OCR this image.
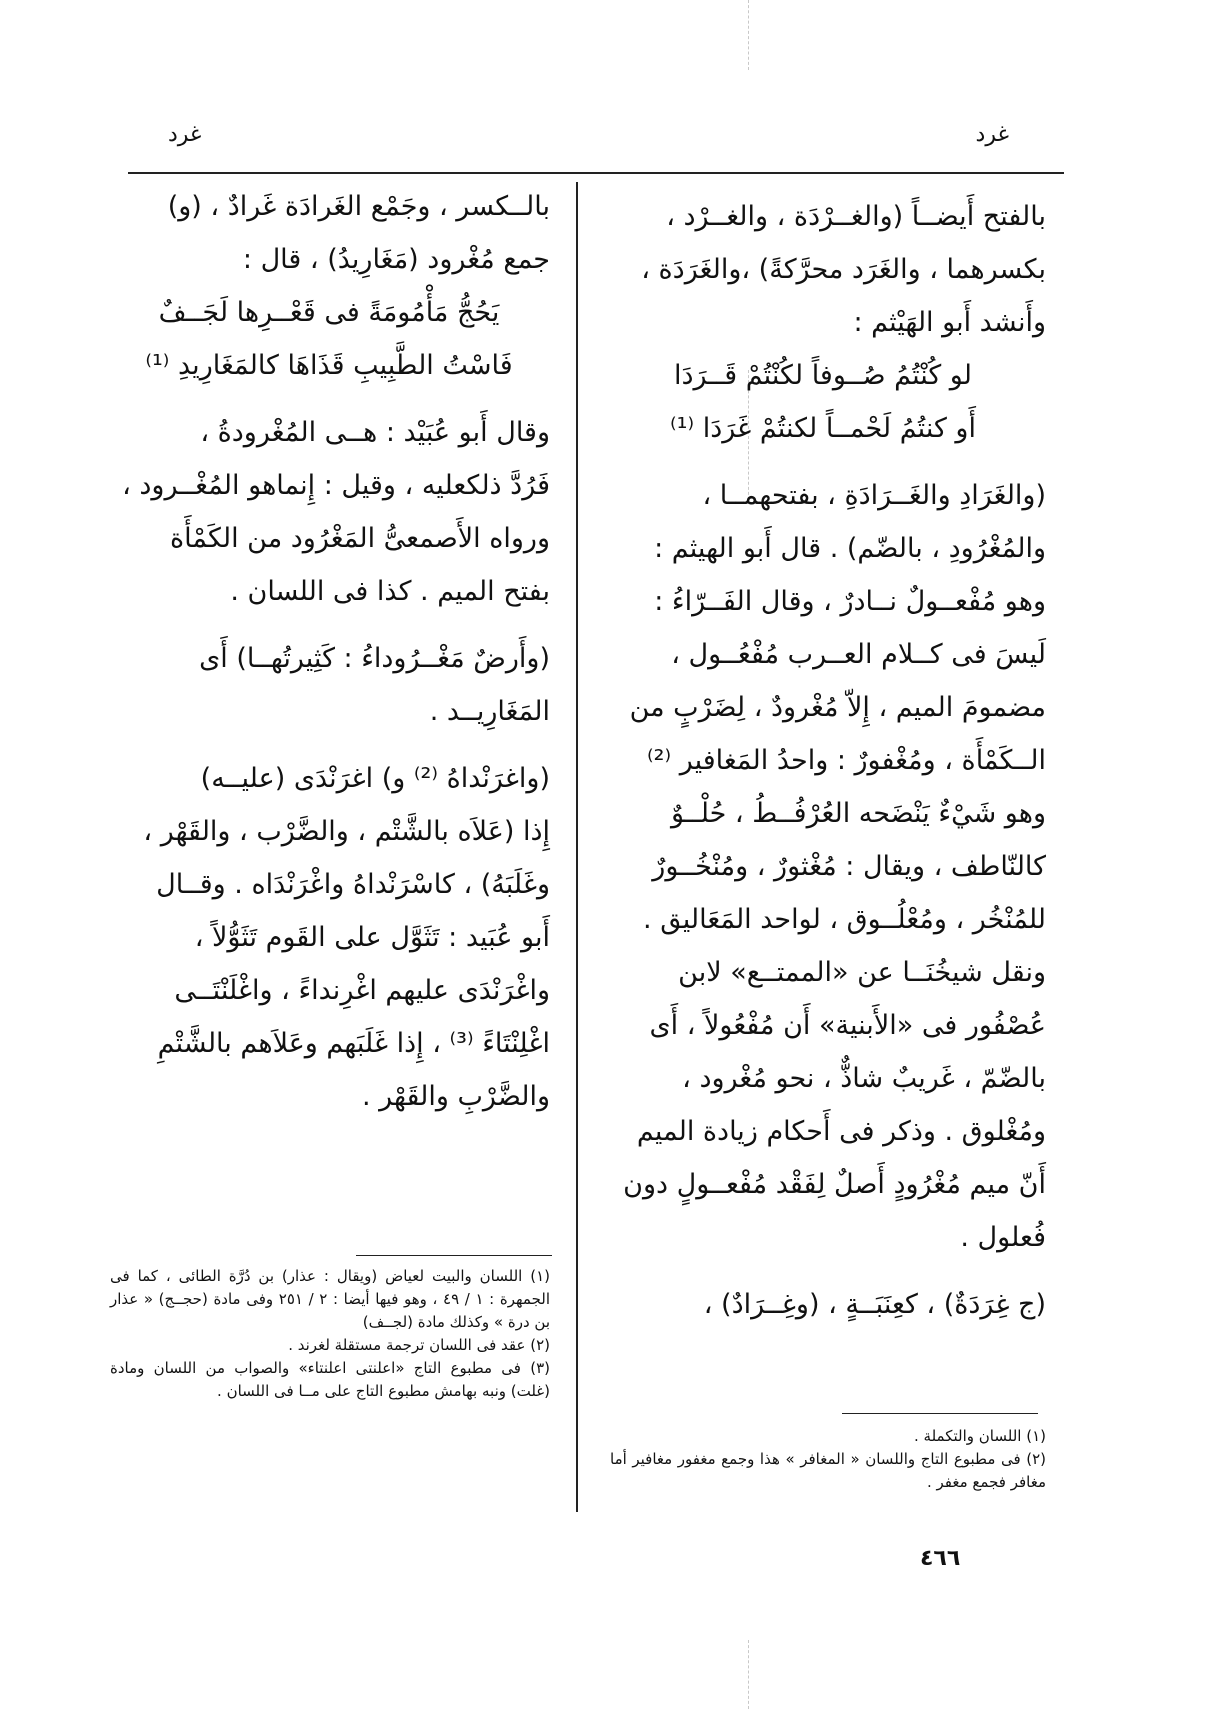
غرد
غرد

بالفتح أَيضــاً (والغــرْدَة ، والغــرْد ،

بكسرهما ، والغَرَد محرَّكةً) ،والغَرَدَة ،

وأَنشد أَبو الهَيْثم :

لو كُنْتُمُ صُــوفاً لكُنْتُمْ قَــرَدَا

أَو كنتُمُ لَحْمــاً لكنتُمْ غَرَدَا ⁽¹⁾

(والغَرَادِ والغَــرَادَةِ ، بفتحهمــا ،

والمُغْرُودِ ، بالضّم) . قال أَبو الهيثم :

وهو مُفْعــولٌ نــادرٌ ، وقال الفَــرّاءُ :

لَيسَ فى كــلام العــرب مُفْعُــول ،

مضمومَ الميم ، إِلاّ مُغْرودٌ ، لِضَرْبٍ من

الــكَمْأَة ، ومُغْفورٌ : واحدُ المَغافير ⁽²⁾

وهو شَيْءٌ يَنْضَحه العُرْفُــطُ ، حُلْــوٌ

كالنّاطف ، ويقال : مُغْثورٌ ، ومُنْخُــورٌ

للمُنْخُر ، ومُعْلُــوق ، لواحد المَعَاليق .

ونقل شيخُنَــا عن «الممتــع» لابن

عُصْفُور فى «الأَبنية» أَن مُفْعُولاً ، أَى

بالضّمّ ، غَريبٌ شاذٌّ ، نحو مُغْرود ،

ومُغْلوق . وذكر فى أَحكام زيادة الميم

أَنّ ميم مُغْرُودٍ أَصلٌ لِفَقْد مُفْعــولٍ دون

فُعلول .

(ج غِرَدَةٌ) ، كعِنَبَــةٍ ، (وغِــرَادٌ) ،

(١) اللسان والتكملة .

(٢) فى مطبوع التاج واللسان « المغافر » هذا وجمع مغفور مغافير أما مغافر فجمع مغفر .

بالــكسر ، وجَمْع الغَرادَة غَرادٌ ، (و)

جمع مُغْرود (مَغَارِيدُ) ، قال :

يَحُجُّ مَأْمُومَةً فى قَعْــرِها لَجَــفٌ

فَاسْتُ الطَّبِيبِ قَذَاهَا كالمَغَارِيدِ ⁽¹⁾

وقال أَبو عُبَيْد : هــى المُغْرودةُ ،

فَرُدَّ ذلكعليه ، وقيل : إِنماهو المُغْــرود ،

ورواه الأَصمعىُّ المَغْرُود من الكَمْأَة

بفتح الميم . كذا فى اللسان .

(وأَرضٌ مَغْــرُوداءُ : كَثِيرتُهــا) أَى

المَغَارِيــد .

(واغرَنْداهُ ⁽²⁾ و) اغرَنْدَى (عليــه)

إِذا (عَلاَه بالشَّتْم ، والضَّرْب ، والقَهْر ،

وغَلَبَهُ) ، كاسْرَنْداهُ واغْرَنْدَاه . وقــال

أَبو عُبَيد : تَثَوَّل على القَوم تَثَوُّلاً ،

واغْرَنْدَى عليهم اغْرِنداءً ، واغْلَنْتَــى

اغْلِنْتَاءً ⁽³⁾ ، إِذا غَلَبَهم وعَلاَهم بالشَّتْمِ

والضَّرْبِ والقَهْر .

(١) اللسان والبيت لعياض (ويقال : عذار) بن دُرَّة الطائى ، كما فى الجمهرة : ١ / ٤٩ ، وهو فيها أيضا : ٢ / ٢٥١ وفى مادة (حجــج) « عذار بن درة » وكذلك مادة (لجــف)

(٢) عقد فى اللسان ترجمة مستقلة لغرند .

(٣) فى مطبوع التاج «اعلنتى اعلنتاء» والصواب من اللسان ومادة (غلت) ونبه بهامش مطبوع التاج على مــا فى اللسان .

٤٦٦
